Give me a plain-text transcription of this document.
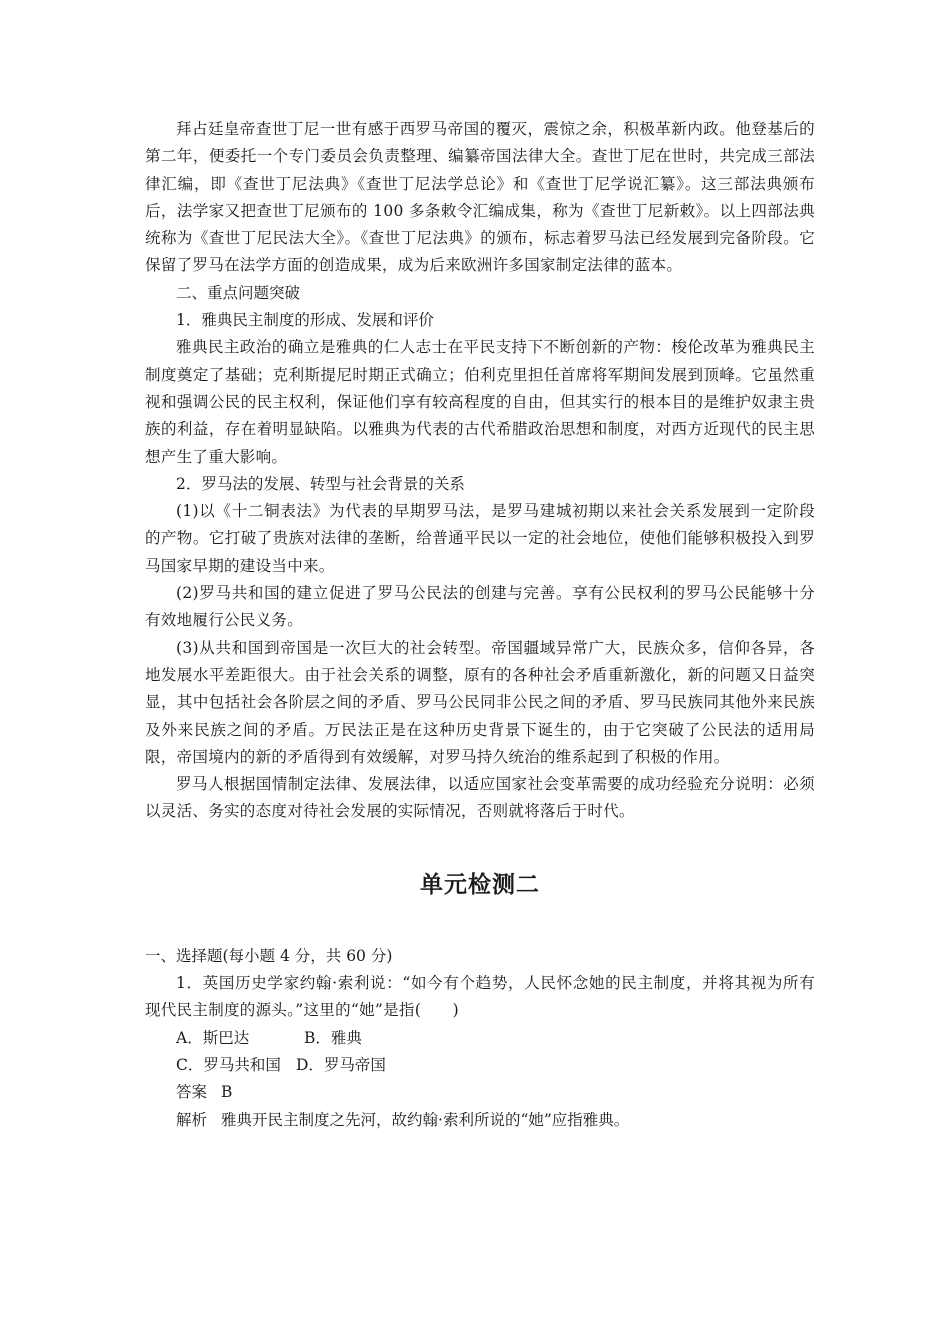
拜占廷皇帝查世丁尼一世有感于西罗马帝国的覆灭，震惊之余，积极革新内政。他登基后的第二年，便委托一个专门委员会负责整理、编纂帝国法律大全。查世丁尼在世时，共完成三部法律汇编，即《查世丁尼法典》《查世丁尼法学总论》和《查世丁尼学说汇纂》。这三部法典颁布后，法学家又把查世丁尼颁布的 100 多条敕令汇编成集，称为《查世丁尼新敕》。以上四部法典统称为《查世丁尼民法大全》。《查世丁尼法典》的颁布，标志着罗马法已经发展到完备阶段。它保留了罗马在法学方面的创造成果，成为后来欧洲许多国家制定法律的蓝本。

二、重点问题突破

1．雅典民主制度的形成、发展和评价

雅典民主政治的确立是雅典的仁人志士在平民支持下不断创新的产物：梭伦改革为雅典民主制度奠定了基础；克利斯提尼时期正式确立；伯利克里担任首席将军期间发展到顶峰。它虽然重视和强调公民的民主权利，保证他们享有较高程度的自由，但其实行的根本目的是维护奴隶主贵族的利益，存在着明显缺陷。以雅典为代表的古代希腊政治思想和制度，对西方近现代的民主思想产生了重大影响。

2．罗马法的发展、转型与社会背景的关系

(1)以《十二铜表法》为代表的早期罗马法，是罗马建城初期以来社会关系发展到一定阶段的产物。它打破了贵族对法律的垄断，给普通平民以一定的社会地位，使他们能够积极投入到罗马国家早期的建设当中来。

(2)罗马共和国的建立促进了罗马公民法的创建与完善。享有公民权利的罗马公民能够十分有效地履行公民义务。

(3)从共和国到帝国是一次巨大的社会转型。帝国疆域异常广大，民族众多，信仰各异，各地发展水平差距很大。由于社会关系的调整，原有的各种社会矛盾重新激化，新的问题又日益突显，其中包括社会各阶层之间的矛盾、罗马公民同非公民之间的矛盾、罗马民族同其他外来民族及外来民族之间的矛盾。万民法正是在这种历史背景下诞生的，由于它突破了公民法的适用局限，帝国境内的新的矛盾得到有效缓解，对罗马持久统治的维系起到了积极的作用。

罗马人根据国情制定法律、发展法律，以适应国家社会变革需要的成功经验充分说明：必须以灵活、务实的态度对待社会发展的实际情况，否则就将落后于时代。

单元检测二

一、选择题(每小题 4 分，共 60 分)

1．英国历史学家约翰·索利说：“如今有个趋势，人民怀念她的民主制度，并将其视为所有现代民主制度的源头。”这里的“她”是指(　　)

A．斯巴达	B．雅典

C．罗马共和国 D．罗马帝国

答案 B

解析 雅典开民主制度之先河，故约翰·索利所说的“她”应指雅典。
